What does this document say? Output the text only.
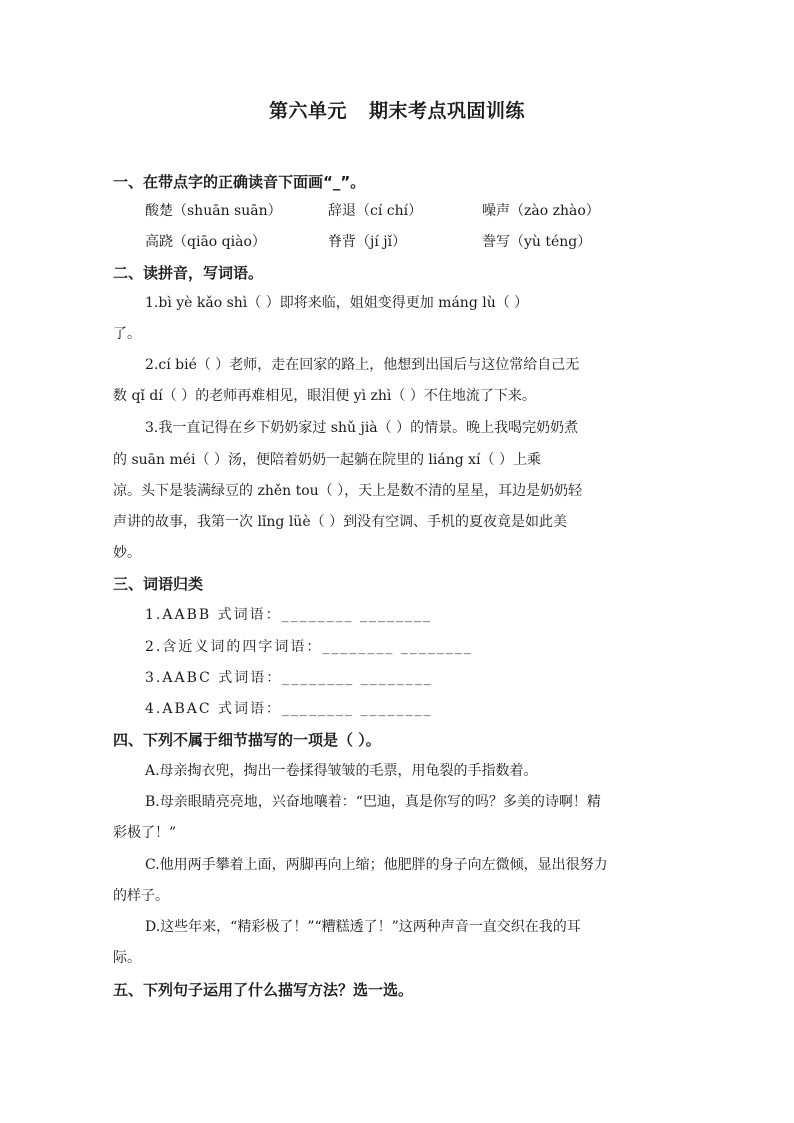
第六单元 期末考点巩固训练
一、在带点字的正确读音下面画“_”。
酸楚（shuān suān）	辞退（cí chí）	噪声（zào zhào）
高跷（qiāo qiào）	脊背（jí jǐ）	誊写（yù téng）
二、读拼音，写词语。
1.bì yè kǎo shì（ ）即将来临，姐姐变得更加 máng lù（ ）
了。
2.cí bié（ ）老师，走在回家的路上，他想到出国后与这位常给自己无
数 qǐ dí（ ）的老师再难相见，眼泪便 yì zhì（ ）不住地流了下来。
3.我一直记得在乡下奶奶家过 shǔ jià（ ）的情景。晚上我喝完奶奶煮
的 suān méi（ ）汤，便陪着奶奶一起躺在院里的 liáng xí（ ）上乘
凉。头下是装满绿豆的 zhěn tou（ ），天上是数不清的星星，耳边是奶奶轻
声讲的故事，我第一次 lǐng lüè（ ）到没有空调、手机的夏夜竟是如此美
妙。
三、词语归类
1.AABB 式词语：________ ________
2.含近义词的四字词语：________ ________
3.AABC 式词语：________ ________
4.ABAC 式词语：________ ________
四、下列不属于细节描写的一项是（ ）。
A.母亲掏衣兜，掏出一卷揉得皱皱的毛票，用龟裂的手指数着。
B.母亲眼睛亮亮地，兴奋地嚷着：“巴迪，真是你写的吗？多美的诗啊！精
彩极了！”
C.他用两手攀着上面，两脚再向上缩；他肥胖的身子向左微倾，显出很努力
的样子。
D.这些年来，“精彩极了！”“糟糕透了！”这两种声音一直交织在我的耳
际。
五、下列句子运用了什么描写方法？选一选。
